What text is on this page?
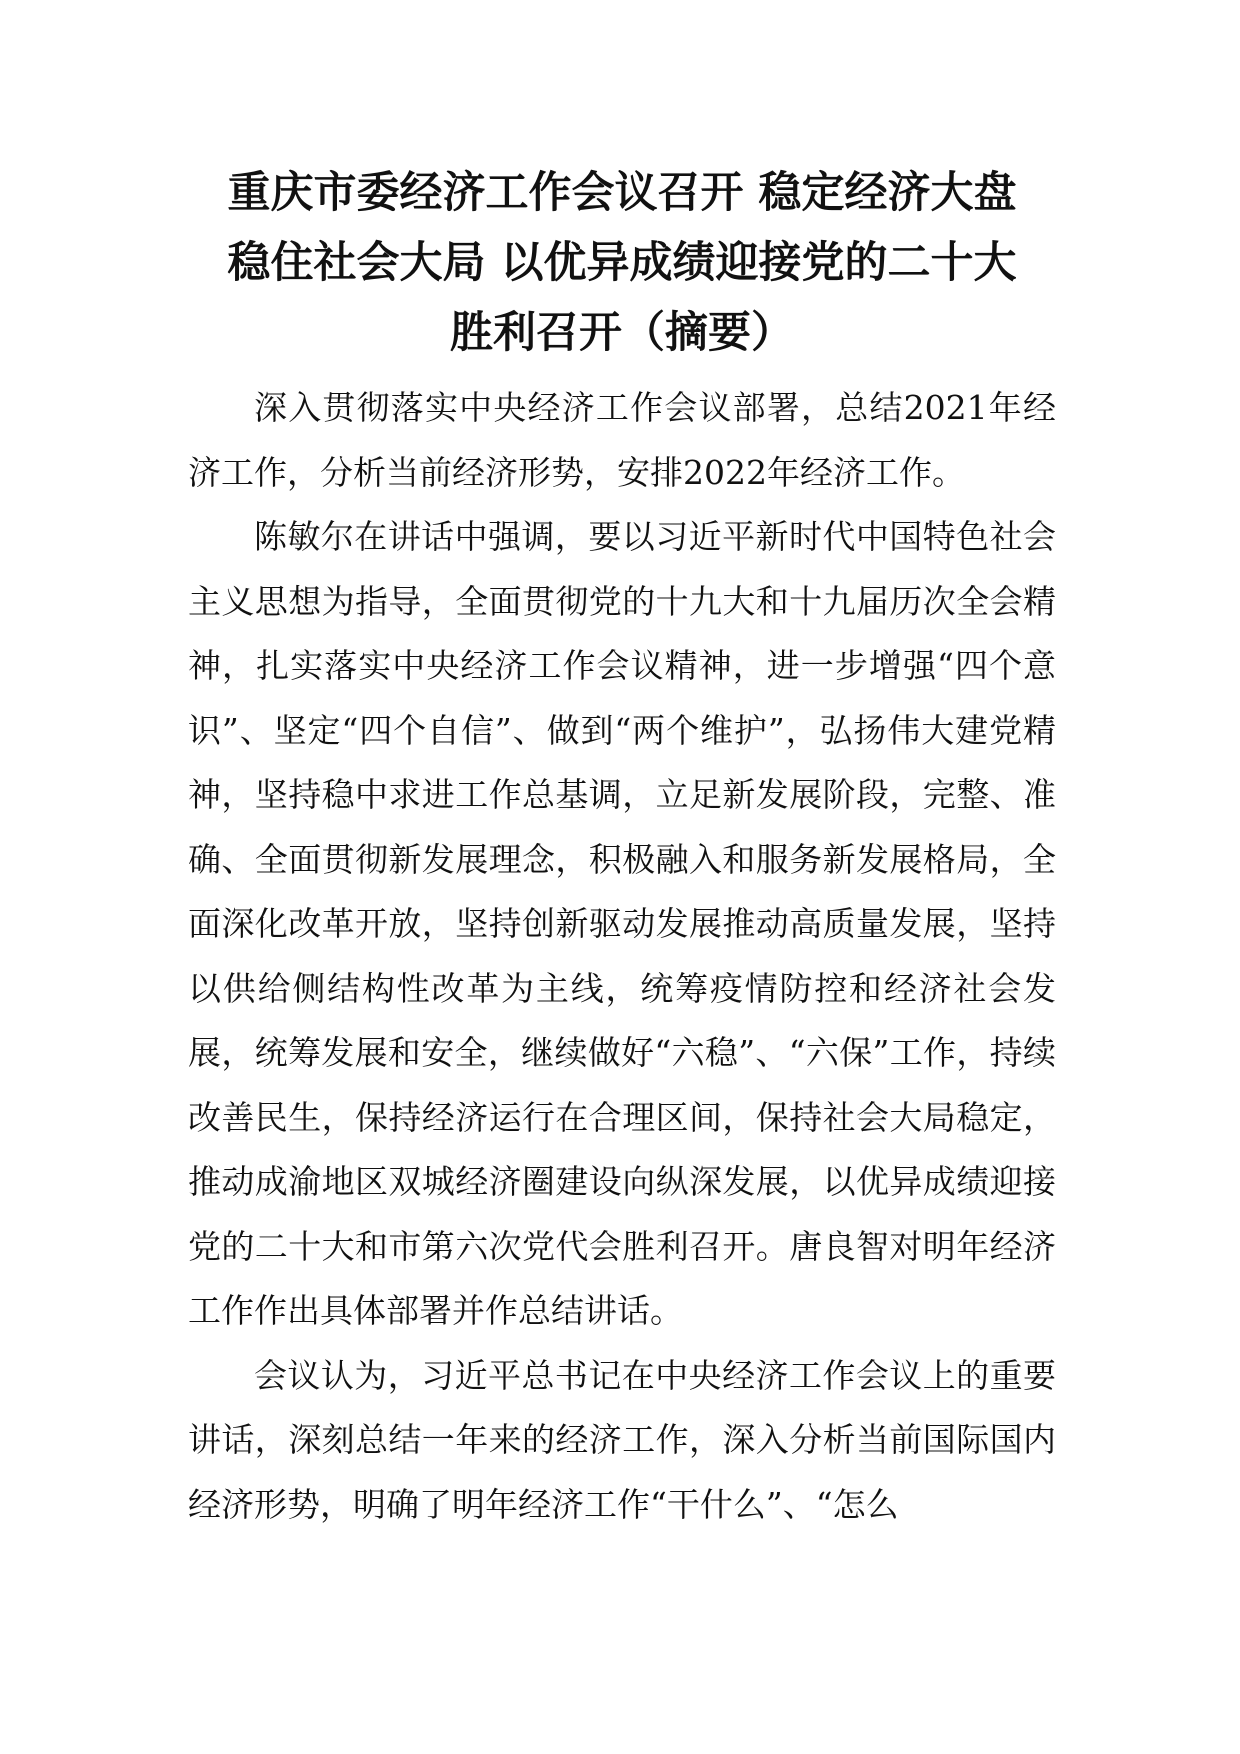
重庆市委经济工作会议召开 稳定经济大盘
稳住社会大局 以优异成绩迎接党的二十大
胜利召开（摘要）

深入贯彻落实中央经济工作会议部署，总结2021年经济工作，分析当前经济形势，安排2022年经济工作。

陈敏尔在讲话中强调，要以习近平新时代中国特色社会主义思想为指导，全面贯彻党的十九大和十九届历次全会精神，扎实落实中央经济工作会议精神，进一步增强“四个意识”、坚定“四个自信”、做到“两个维护”，弘扬伟大建党精神，坚持稳中求进工作总基调，立足新发展阶段，完整、准确、全面贯彻新发展理念，积极融入和服务新发展格局，全面深化改革开放，坚持创新驱动发展推动高质量发展，坚持以供给侧结构性改革为主线，统筹疫情防控和经济社会发展，统筹发展和安全，继续做好“六稳”、“六保”工作，持续改善民生，保持经济运行在合理区间，保持社会大局稳定，推动成渝地区双城经济圈建设向纵深发展，以优异成绩迎接党的二十大和市第六次党代会胜利召开。唐良智对明年经济工作作出具体部署并作总结讲话。

会议认为，习近平总书记在中央经济工作会议上的重要讲话，深刻总结一年来的经济工作，深入分析当前国际国内经济形势，明确了明年经济工作“干什么”、“怎么
